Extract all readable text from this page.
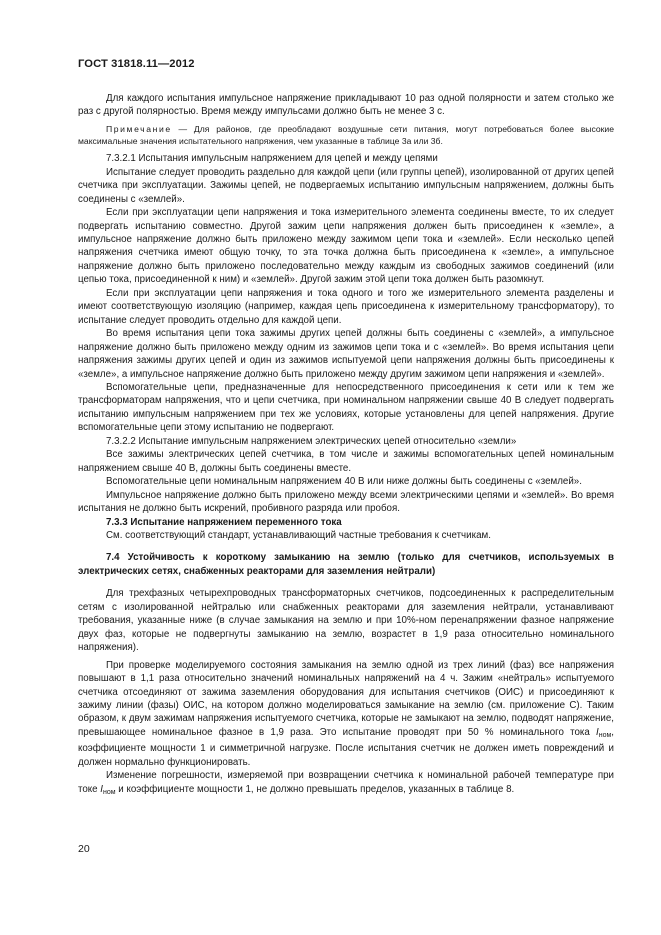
ГОСТ 31818.11—2012

Для каждого испытания импульсное напряжение прикладывают 10 раз одной полярности и затем столько же раз с другой полярностью. Время между импульсами должно быть не менее 3 с.

Примечание — Для районов, где преобладают воздушные сети питания, могут потребоваться более высокие максимальные значения испытательного напряжения, чем указанные в таблице 3а или 3б.

7.3.2.1 Испытания импульсным напряжением для цепей и между цепями

Испытание следует проводить раздельно для каждой цепи (или группы цепей), изолированной от других цепей счетчика при эксплуатации. Зажимы цепей, не подвергаемых испытанию импульсным напряжением, должны быть соединены с «землей».

Если при эксплуатации цепи напряжения и тока измерительного элемента соединены вместе, то их следует подвергать испытанию совместно. Другой зажим цепи напряжения должен быть присоединен к «земле», а импульсное напряжение должно быть приложено между зажимом цепи тока и «землей». Если несколько цепей напряжения счетчика имеют общую точку, то эта точка должна быть присоединена к «земле», а импульсное напряжение должно быть приложено последовательно между каждым из свободных зажимов соединений (или цепью тока, присоединенной к ним) и «землей». Другой зажим этой цепи тока должен быть разомкнут.

Если при эксплуатации цепи напряжения и тока одного и того же измерительного элемента разделены и имеют соответствующую изоляцию (например, каждая цепь присоединена к измерительному трансформатору), то испытание следует проводить отдельно для каждой цепи.

Во время испытания цепи тока зажимы других цепей должны быть соединены с «землей», а импульсное напряжение должно быть приложено между одним из зажимов цепи тока и с «землей». Во время испытания цепи напряжения зажимы других цепей и один из зажимов испытуемой цепи напряжения должны быть присоединены к «земле», а импульсное напряжение должно быть приложено между другим зажимом цепи напряжения и «землей».

Вспомогательные цепи, предназначенные для непосредственного присоединения к сети или к тем же трансформаторам напряжения, что и цепи счетчика, при номинальном напряжении свыше 40 В следует подвергать испытанию импульсным напряжением при тех же условиях, которые установлены для цепей напряжения. Другие вспомогательные цепи этому испытанию не подвергают.

7.3.2.2 Испытание импульсным напряжением электрических цепей относительно «земли»

Все зажимы электрических цепей счетчика, в том числе и зажимы вспомогательных цепей номинальным напряжением свыше 40 В, должны быть соединены вместе.

Вспомогательные цепи номинальным напряжением 40 В или ниже должны быть соединены с «землей».

Импульсное напряжение должно быть приложено между всеми электрическими цепями и «землей». Во время испытания не должно быть искрений, пробивного разряда или пробоя.

7.3.3 Испытание напряжением переменного тока

См. соответствующий стандарт, устанавливающий частные требования к счетчикам.

7.4 Устойчивость к короткому замыканию на землю (только для счетчиков, используемых в электрических сетях, снабженных реакторами для заземления нейтрали)

Для трехфазных четырехпроводных трансформаторных счетчиков, подсоединенных к распределительным сетям с изолированной нейтралью или снабженных реакторами для заземления нейтрали, устанавливают требования, указанные ниже (в случае замыкания на землю и при 10%-ном перенапряжении фазное напряжение двух фаз, которые не подвергнуты замыканию на землю, возрастет в 1,9 раза относительно номинального напряжения).

При проверке моделируемого состояния замыкания на землю одной из трех линий (фаз) все напряжения повышают в 1,1 раза относительно значений номинальных напряжений на 4 ч. Зажим «нейтраль» испытуемого счетчика отсоединяют от зажима заземления оборудования для испытания счетчиков (ОИС) и присоединяют к зажиму линии (фазы) ОИС, на котором должно моделироваться замыкание на землю (см. приложение С). Таким образом, к двум зажимам напряжения испытуемого счетчика, которые не замыкают на землю, подводят напряжение, превышающее номинальное фазное в 1,9 раза. Это испытание проводят при 50 % номинального тока $I_{ном}$, коэффициенте мощности 1 и симметричной нагрузке. После испытания счетчик не должен иметь повреждений и должен нормально функционировать.

Изменение погрешности, измеряемой при возвращении счетчика к номинальной рабочей температуре при токе $I_{ном}$ и коэффициенте мощности 1, не должно превышать пределов, указанных в таблице 8.

20
